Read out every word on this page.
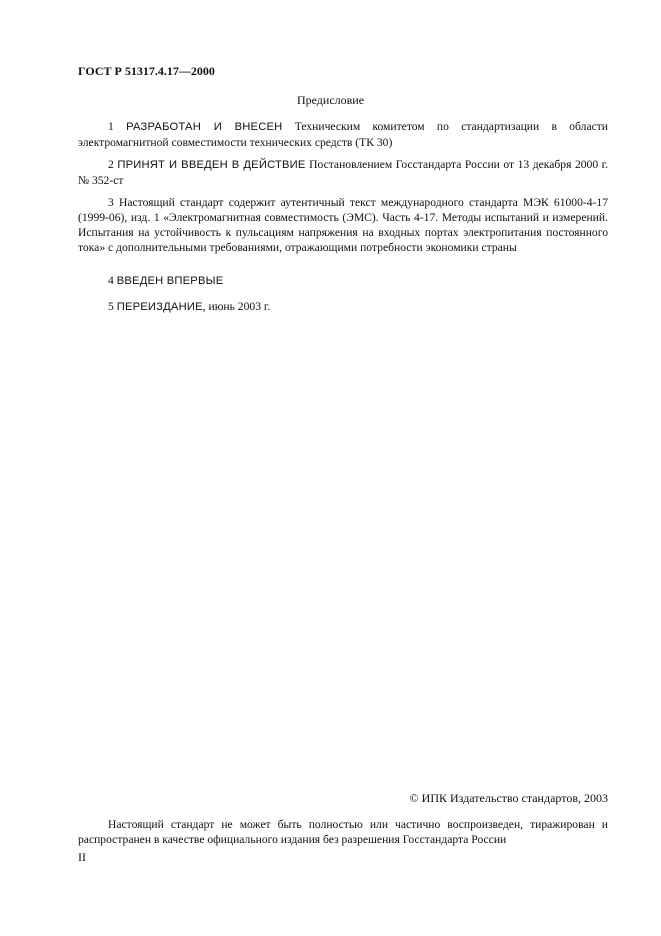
ГОСТ Р 51317.4.17—2000
Предисловие
1 РАЗРАБОТАН И ВНЕСЕН Техническим комитетом по стандартизации в области электромагнитной совместимости технических средств (ТК 30)
2 ПРИНЯТ И ВВЕДЕН В ДЕЙСТВИЕ Постановлением Госстандарта России от 13 декабря 2000 г. № 352-ст
3 Настоящий стандарт содержит аутентичный текст международного стандарта МЭК 61000-4-17 (1999-06), изд. 1 «Электромагнитная совместимость (ЭМС). Часть 4-17. Методы испытаний и измерений. Испытания на устойчивость к пульсациям напряжения на входных портах электропитания постоянного тока» с дополнительными требованиями, отражающими потребности экономики страны
4 ВВЕДЕН ВПЕРВЫЕ
5 ПЕРЕИЗДАНИЕ, июнь 2003 г.
© ИПК Издательство стандартов, 2003
Настоящий стандарт не может быть полностью или частично воспроизведен, тиражирован и распространен в качестве официального издания без разрешения Госстандарта России
II
